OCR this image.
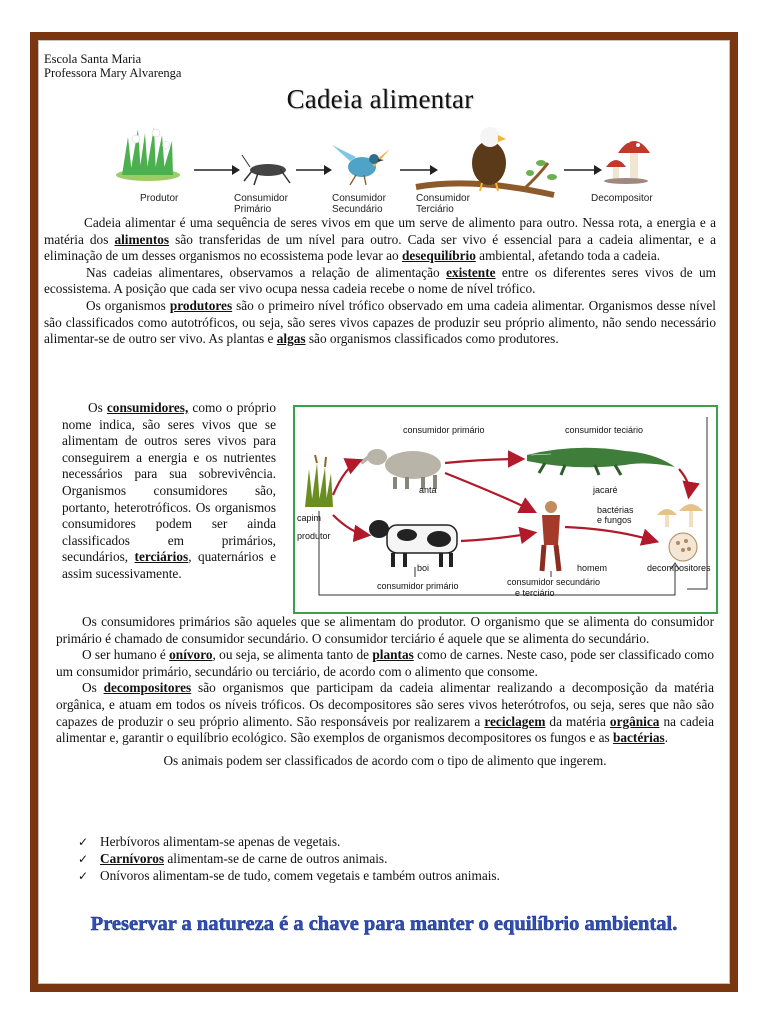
Escola Santa Maria
Professora Mary Alvarenga
Cadeia alimentar
Produtor	Consumidor
Primário
Consumidor
Secundário
Consumidor
Terciário
Decompositor

Cadeia alimentar é uma sequência de seres vivos em que um serve de alimento para outro. Nessa rota, a energia e a matéria dos alimentos são transferidas de um nível para outro. Cada ser vivo é essencial para a cadeia alimentar, e a eliminação de um desses organismos no ecossistema pode levar ao desequilíbrio ambiental, afetando toda a cadeia.

Nas cadeias alimentares, observamos a relação de alimentação existente entre os diferentes seres vivos de um ecossistema. A posição que cada ser vivo ocupa nessa cadeia recebe o nome de nível trófico.

Os organismos produtores são o primeiro nível trófico observado em uma cadeia alimentar. Organismos desse nível são classificados como autotróficos, ou seja, são seres vivos capazes de produzir seu próprio alimento, não sendo necessário alimentar-se de outro ser vivo. As plantas e algas são organismos classificados como produtores.

Os consumidores, como o próprio nome indica, são seres vivos que se alimentam de outros seres vivos para conseguirem a energia e os nutrientes necessários para sua sobrevivência. Organismos consumidores são, portanto, heterotróficos. Os organismos consumidores podem ser ainda classificados em primários, secundários, terciários, quaternários e assim sucessivamente.
consumidor primário	consumidor teciário
anta	jacaré
capim
produtor
bactérias
e fungos
boi	homem	decompositores
consumidor primário	consumidor secundário
e terciário

Os consumidores primários são aqueles que se alimentam do produtor. O organismo que se alimenta do consumidor primário é chamado de consumidor secundário. O consumidor terciário é aquele que se alimenta do secundário.

O ser humano é onívoro, ou seja, se alimenta tanto de plantas como de carnes. Neste caso, pode ser classificado como um consumidor primário, secundário ou terciário, de acordo com o alimento que consome.

Os decompositores são organismos que participam da cadeia alimentar realizando a decomposição da matéria orgânica, e atuam em todos os níveis tróficos. Os decompositores são seres vivos heterótrofos, ou seja, seres que não são capazes de produzir o seu próprio alimento. São responsáveis por realizarem a reciclagem da matéria orgânica na cadeia alimentar e, garantir o equilíbrio ecológico. São exemplos de organismos decompositores os fungos e as bactérias.

Os animais podem ser classificados de acordo com o tipo de alimento que ingerem.

✓ Herbívoros alimentam-se apenas de vegetais.
✓ Carnívoros alimentam-se de carne de outros animais.
✓ Onívoros alimentam-se de tudo, comem vegetais e também outros animais.
Preservar a natureza é a chave para manter o equilíbrio ambiental.
